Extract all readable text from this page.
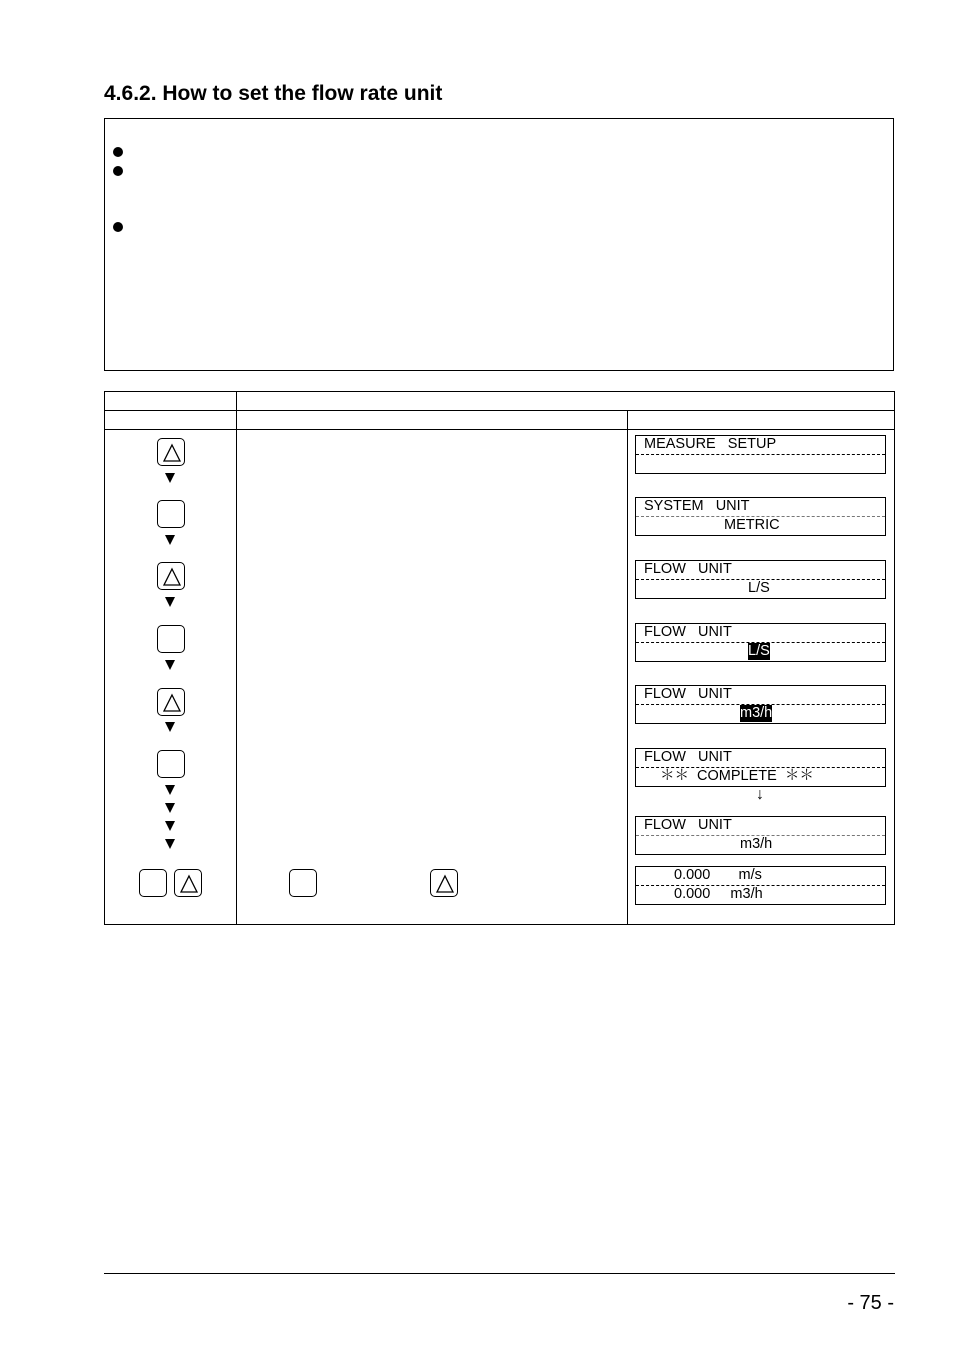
4.6.2. How to set the flow rate unit
MEASURE   SETUP
SYSTEM   UNIT
METRIC
FLOW   UNIT
L/S
FLOW   UNIT
L/S
FLOW   UNIT
m3/h
FLOW   UNIT
＊＊  COMPLETE  ＊＊
↓
FLOW   UNIT
m3/h
0.000       m/s
0.000     m3/h
- 75 -
